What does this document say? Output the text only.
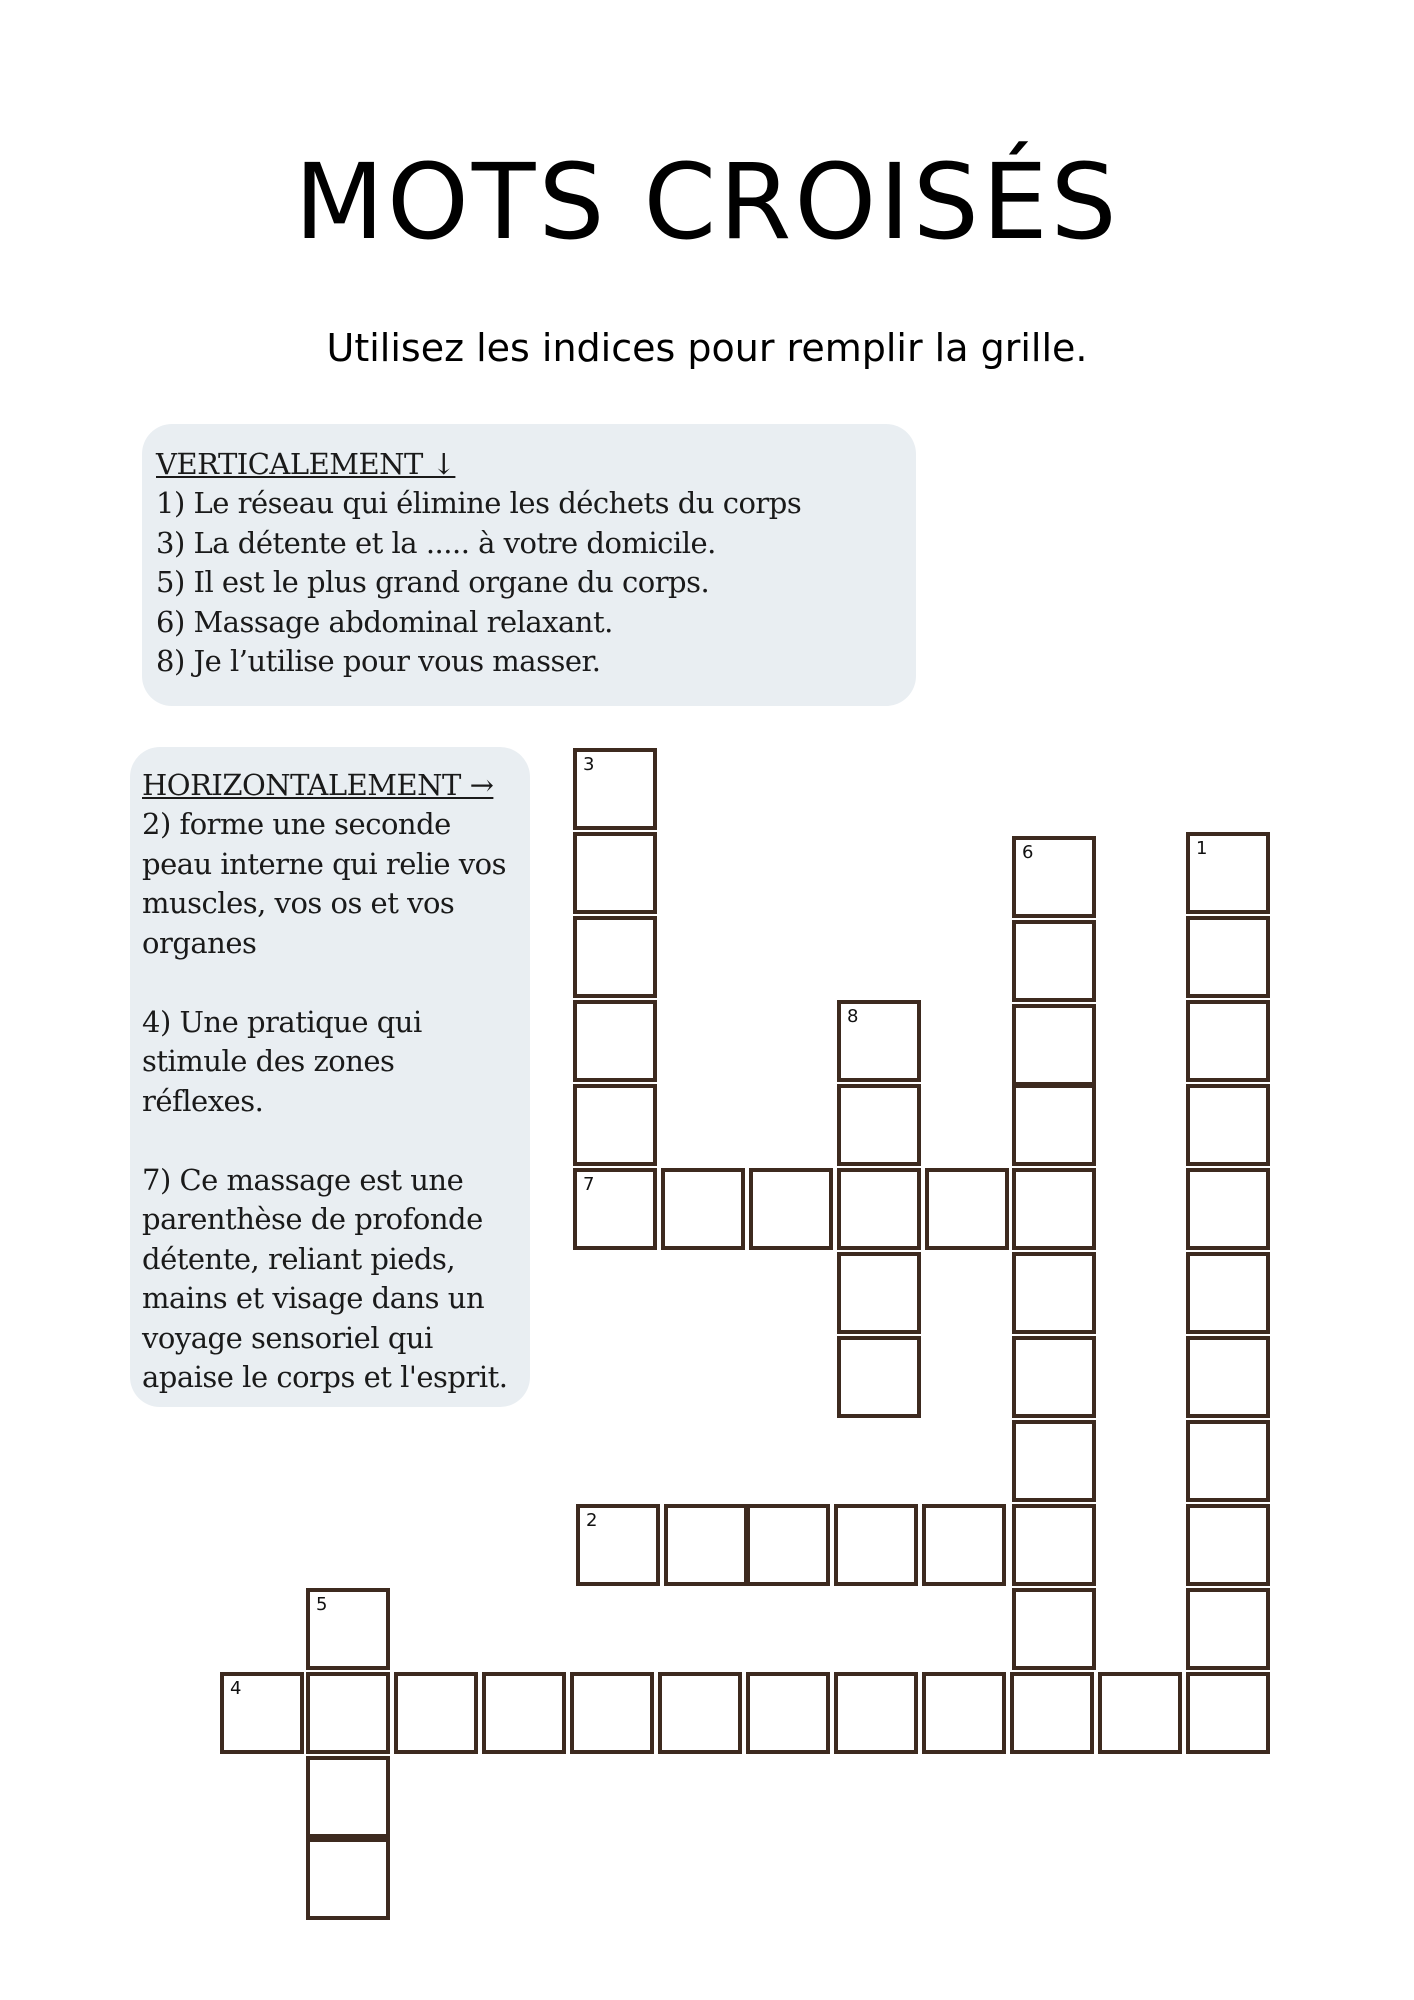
MOTS CROISÉS
Utilisez les indices pour remplir la grille.
VERTICALEMENT ↓
1) Le réseau qui élimine les déchets du corps
3) La détente et la ..... à votre domicile.
5) Il est le plus grand organe du corps.
6) Massage abdominal relaxant.
8) Je l’utilise pour vous masser.
HORIZONTALEMENT →
2) forme une seconde peau interne qui relie vos muscles, vos os et vos organes
4) Une pratique qui stimule des zones réflexes.
7) Ce massage est une parenthèse de profonde détente, reliant pieds, mains et visage dans un voyage sensoriel qui apaise le corps et l'esprit.
3
7
8
6	1
2
5
4
